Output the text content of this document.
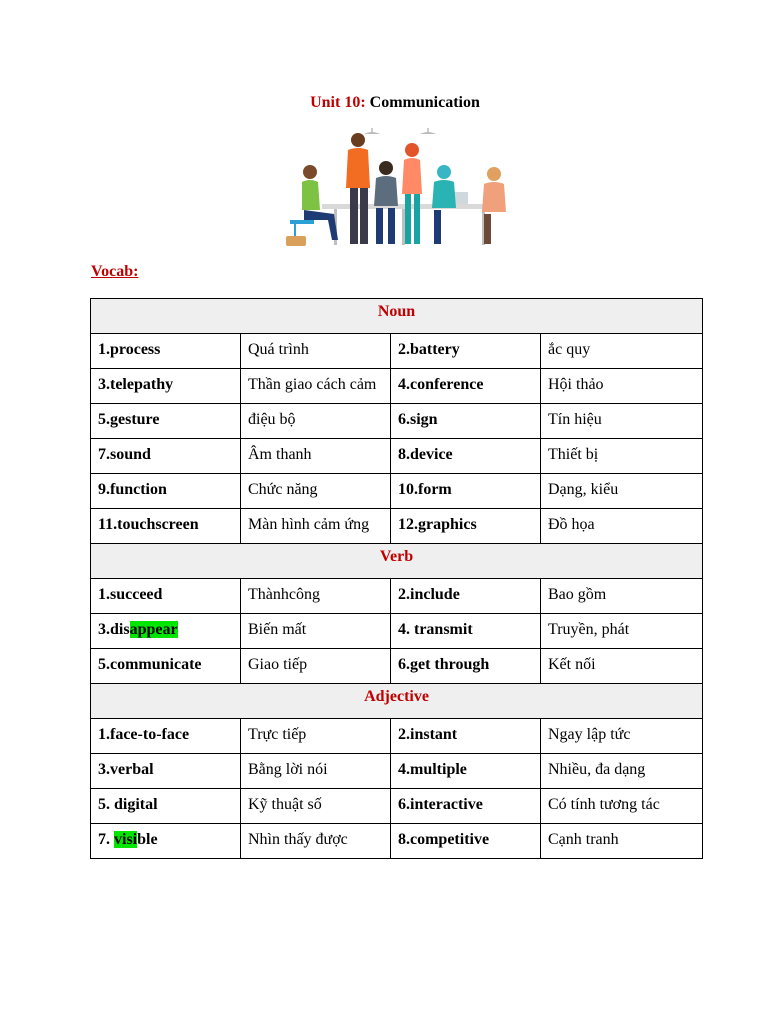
Unit 10: Communication
Vocab:
Noun			
1.process	Quá trình	2.battery	ắc quy
3.telepathy	Thần giao cách cảm	4.conference	Hội thảo
5.gesture	điệu bộ	6.sign	Tín hiệu
7.sound	Âm thanh	8.device	Thiết bị
9.function	Chức năng	10.form	Dạng, kiểu
11.touchscreen	Màn hình cảm ứng	12.graphics	Đồ họa
Verb			
1.succeed	Thànhcông	2.include	Bao gồm
3.disappear	Biến mất	4. transmit	Truyền, phát
5.communicate	Giao tiếp	6.get through	Kết nối
Adjective			
1.face-to-face	Trực tiếp	2.instant	Ngay lập tức
3.verbal	Bằng lời nói	4.multiple	Nhiều, đa dạng
5. digital	Kỹ thuật số	6.interactive	Có tính tương tác
7. visible	Nhìn thấy được	8.competitive	Cạnh tranh
